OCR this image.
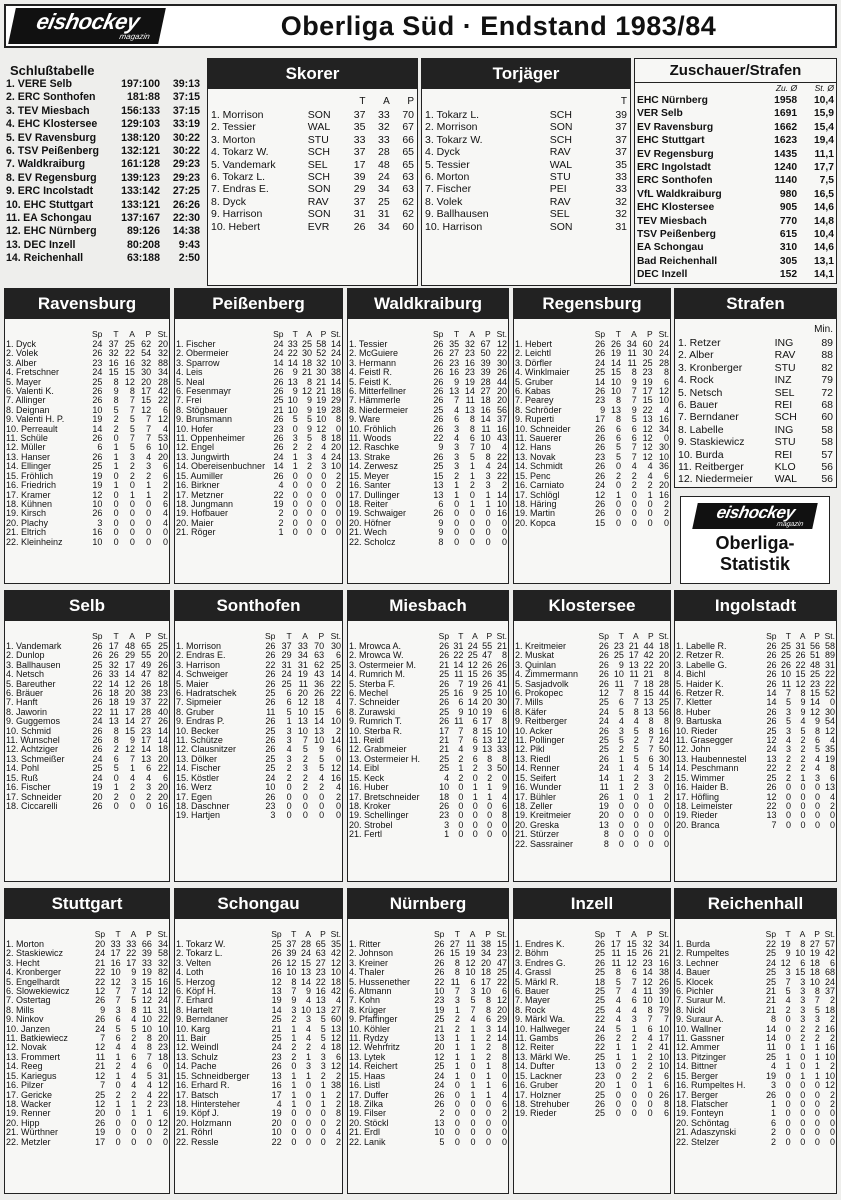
eishockey
magazin	Oberliga Süd · Endstand 1983/84
Schlußtabelle
1. VERE Selb	197:100	39:13
2. ERC Sonthofen	181:88	37:15
3. TEV Miesbach	156:133	37:15
4. EHC Klostersee	129:103	33:19
5. EV Ravensburg	138:120	30:22
6. TSV Peißenberg	132:121	30:22
7. Waldkraiburg	161:128	29:23
8. EV Regensburg	139:123	29:23
9. ERC Incolstadt	133:142	27:25
10. EHC Stuttgart	133:121	26:26
11. EA Schongau	137:167	22:30
12. EHC Nürnberg	89:126	14:38
13. DEC Inzell	80:208	9:43
14. Reichenhall	63:188	2:50
Skorer
		T	A	P
1. Morrison	SON	37	33	70
2. Tessier	WAL	35	32	67
3. Morton	STU	33	33	66
4. Tokarz W.	SCH	37	28	65
5. Vandemark	SEL	17	48	65
6. Tokarz L.	SCH	39	24	63
7. Endras E.	SON	29	34	63
8. Dyck	RAV	37	25	62
9. Harrison	SON	31	31	62
10. Hebert	EVR	26	34	60
Torjäger
		T
1. Tokarz L.	SCH	39
2. Morrison	SON	37
3. Tokarz W.	SCH	37
4. Dyck	RAV	37
5. Tessier	WAL	35
6. Morton	STU	33
7. Fischer	PEI	33
8. Volek	RAV	32
9. Ballhausen	SEL	32
10. Harrison	SON	31
Zuschauer/Strafen
	Zu. Ø	St. Ø
EHC Nürnberg	1958	10,4
VER Selb	1691	15,9
EV Ravensburg	1662	15,4
EHC Stuttgart	1623	19,4
EV Regensburg	1435	11,1
ERC Ingolstadt	1240	17,7
ERC Sonthofen	1140	7,5
VfL Waldkraiburg	980	16,5
EHC Klostersee	905	14,6
TEV Miesbach	770	14,8
TSV Peißenberg	615	10,4
EA Schongau	310	14,6
Bad Reichenhall	305	13,1
DEC Inzell	152	14,1
Ravensburg
	Sp	T	A	P	St.
1. Dyck	24	37	25	62	20
2. Volek	26	32	22	54	32
3. Alber	23	16	16	32	88
4. Fretschner	24	15	15	30	34
5. Mayer	25	8	12	20	28
6. Valenti K.	26	9	8	17	42
7. Allinger	26	8	7	15	22
8. Deignan	10	5	7	12	6
9. Valenti H. P.	19	2	5	7	12
10. Perreault	14	2	5	7	4
11. Schüle	26	0	7	7	53
12. Müller	6	1	5	6	10
13. Hanser	26	1	3	4	20
14. Ellinger	25	1	2	3	6
15. Fröhlich	19	0	2	2	6
16. Friedrich	19	1	0	1	2
17. Kramer	12	0	1	1	2
18. Kühnen	10	0	0	0	6
19. Kirsch	26	0	0	0	4
20. Plachy	3	0	0	0	4
21. Eltrich	16	0	0	0	0
22. Kleinheinz	10	0	0	0	0
Peißenberg
	Sp	T	A	P	St.
1. Fischer	24	33	25	58	14
2. Obermeier	24	22	30	52	24
3. Sparrow	14	14	18	32	10
4. Leis	26	9	21	30	38
5. Neal	26	13	8	21	14
6. Fesenmayr	26	9	12	21	18
7. Frei	25	10	9	19	29
8. Stögbauer	21	10	9	19	28
9. Brunsmann	26	5	5	10	8
10. Hofer	23	0	9	12	0
11. Oppenheimer	26	3	5	8	18
12. Engel	26	2	2	4	20
13. Jungwirth	24	1	3	4	24
14. Obereisenbuchner	14	1	2	3	10
15. Aumiller	26	0	0	0	2
16. Birkner	4	0	0	0	2
17. Metzner	22	0	0	0	0
18. Jungmann	19	0	0	0	0
19. Hofbauer	2	0	0	0	0
20. Maier	2	0	0	0	0
21. Röger	1	0	0	0	0
Waldkraiburg
	Sp	T	A	P	St.
1. Tessier	26	35	32	67	12
2. McGuiere	26	27	23	50	22
3. Hermann	26	23	16	39	30
4. Feistl R.	26	16	23	39	26
5. Feistl K.	26	9	19	28	44
6. Mitterfellner	26	13	14	27	20
7. Hämmerle	26	7	11	18	20
8. Niedermeier	25	4	13	16	56
9. Ware	26	6	8	14	37
10. Fröhlich	26	3	8	11	16
11. Woods	22	4	6	10	43
12. Raschke	9	3	7	10	4
13. Strake	26	3	5	8	22
14. Zerwesz	25	3	1	4	24
15. Meyer	15	2	1	3	22
16. Santer	13	1	2	3	2
17. Dullinger	13	1	0	1	14
18. Reiter	6	0	1	1	10
19. Schwaiger	26	0	0	0	16
20. Höfner	9	0	0	0	0
21. Wech	9	0	0	0	0
22. Scholcz	8	0	0	0	0
Regensburg
	Sp	T	A	P	St.
1. Hebert	26	26	34	60	24
2. Leichtl	26	19	11	30	24
3. Dörfler	24	14	11	25	28
4. Winklmaier	25	15	8	23	8
5. Gruber	14	10	9	19	6
6. Kabas	26	10	7	17	12
7. Pearey	23	8	7	15	10
8. Schröder	9	13	9	22	4
9. Ruperti	17	8	5	13	16
10. Schneider	26	6	6	12	34
11. Sauerer	26	6	6	12	0
12. Hans	26	5	7	12	30
13. Novak	23	5	7	12	10
14. Schmidt	26	0	4	4	36
15. Penc	26	2	2	4	6
16. Carniato	24	0	2	2	20
17. Schlögl	12	1	0	1	16
18. Häring	26	0	0	0	2
19. Martin	26	0	0	0	2
20. Kopca	15	0	0	0	0
Selb
	Sp	T	A	P	St.
1. Vandemark	26	17	48	65	25
2. Dunlop	26	26	29	55	20
3. Ballhausen	25	32	17	49	26
4. Netsch	26	33	14	47	82
5. Bareuther	22	14	12	26	18
6. Bräuer	26	18	20	38	23
7. Hanft	26	18	19	37	22
8. Jaworin	22	11	17	28	40
9. Guggemos	24	13	14	27	26
10. Schmid	26	8	15	23	14
11. Wunschel	26	8	9	17	14
12. Achtziger	26	2	12	14	18
13. Schmeißer	24	6	7	13	20
14. Pohl	25	5	1	6	22
15. Ruß	24	0	4	4	6
16. Fischer	19	1	2	3	20
17. Schneider	20	2	0	2	20
18. Ciccarelli	26	0	0	0	16
Sonthofen
	Sp	T	A	P	St.
1. Morrison	26	37	33	70	30
2. Endras E.	26	29	34	63	6
3. Harrison	22	31	31	62	25
4. Schweiger	26	24	19	43	14
5. Maier	26	25	11	36	22
6. Hadratschek	25	6	20	26	22
7. Sipmeier	26	6	12	18	4
8. Gruber	11	5	10	15	6
9. Endras P.	26	1	13	14	10
10. Becker	25	3	10	13	2
11. Schütze	26	3	7	10	14
12. Clausnitzer	26	4	5	9	6
13. Dölker	25	3	2	5	0
14. Fischer	25	2	3	5	12
15. Köstler	24	2	2	4	16
16. Werz	10	0	2	2	4
17. Egen	26	0	0	0	2
18. Daschner	23	0	0	0	0
19. Hartjen	3	0	0	0	0
Miesbach
	Sp	T	A	P	St.
1. Mrowca A.	26	31	24	55	21
2. Mrowca W.	26	22	25	47	8
3. Ostermeier M.	21	14	12	26	26
4. Rumrich M.	25	11	15	26	35
5. Sterba F.	26	7	19	26	41
6. Mechel	25	16	9	25	10
7. Schneider	26	6	14	20	30
8. Zurawski	25	9	10	19	6
9. Rumrich T.	26	11	6	17	8
10. Sterba R.	17	7	8	15	10
11. Reidl	21	7	6	13	12
12. Grabmeier	21	4	9	13	33
13. Ostermeier H.	25	2	6	8	8
14. Eibl	25	1	2	3	50
15. Keck	4	2	0	2	0
16. Huber	10	0	1	1	9
17. Bretschneider	18	0	1	1	4
18. Kroker	26	0	0	0	6
19. Schellinger	23	0	0	0	8
20. Strobel	3	0	0	0	0
21. Fertl	1	0	0	0	0
Klostersee
	Sp	T	A	P	St.
1. Kreitmeier	26	23	21	44	18
2. Muskat	26	25	17	42	20
3. Quinlan	26	9	13	22	20
4. Zimmermann	26	10	11	21	8
5. Sasjadvolk	26	11	7	18	28
6. Prokopec	12	7	8	15	44
7. Mills	25	6	7	13	25
8. Käfer	24	5	8	13	56
9. Reitberger	24	4	4	8	8
10. Acker	26	3	5	8	16
11. Pollinger	25	5	2	7	24
12. Pikl	25	2	5	7	50
13. Riedl	26	1	5	6	30
14. Renner	24	1	4	5	14
15. Seifert	14	1	2	3	2
16. Wunder	11	1	2	3	0
17. Bühler	26	1	0	1	2
18. Zeller	19	0	0	0	0
19. Kreitmeier	20	0	0	0	0
20. Greska	13	0	0	0	0
21. Stürzer	8	0	0	0	0
22. Sassrainer	8	0	0	0	0
Ingolstadt
	Sp	T	A	P	St.
1. Labelle R.	26	25	31	56	58
2. Retzer R.	26	25	26	51	89
3. Labelle G.	26	26	22	48	31
4. Bichl	26	10	15	25	22
5. Haider K.	26	11	12	23	22
6. Retzer R.	14	7	8	15	52
7. Kletter	14	5	9	14	0
8. Huber	26	3	9	12	30
9. Bartuska	26	5	4	9	54
10. Rieder	25	3	5	8	12
11. Grasegger	12	4	2	6	4
12. John	24	3	2	5	35
13. Haubennestel	13	2	2	4	19
14. Peschmann	22	2	2	4	8
15. Wimmer	25	2	1	3	6
16. Haider B.	26	0	0	0	13
17. Höfling	12	0	0	0	4
18. Leimeister	22	0	0	0	2
19. Rieder	13	0	0	0	0
20. Branca	7	0	0	0	0
Stuttgart
	Sp	T	A	P	St.
1. Morton	20	33	33	66	34
2. Staskiewicz	24	17	22	39	58
3. Hecht	21	16	17	33	32
4. Kronberger	22	10	9	19	82
5. Engelhardt	22	12	3	15	16
6. Slowekiewicz	12	7	7	14	12
7. Ostertag	26	7	5	12	24
8. Mills	9	3	8	11	31
9. Ninkov	26	6	4	10	22
10. Janzen	24	5	5	10	10
11. Batkiewiecz	7	6	2	8	20
12. Novak	12	4	4	8	23
13. Frommert	11	1	6	7	18
14. Reeg	21	2	4	6	0
15. Kariegus	12	1	4	5	31
16. Pilzer	7	0	4	4	12
17. Gericke	25	2	2	4	22
18. Wacker	12	1	1	2	23
19. Renner	20	0	1	1	6
20. Hipp	26	0	0	0	12
21. Würthner	19	0	0	0	2
22. Metzler	17	0	0	0	0
Schongau
	Sp	T	A	P	St.
1. Tokarz W.	25	37	28	65	35
2. Tokarz L.	26	39	24	63	42
3. Velten	26	12	15	27	12
4. Loth	16	10	13	23	10
5. Herzog	12	8	14	22	18
6. Köpf H.	13	7	9	16	42
7. Erhard	19	9	4	13	4
8. Hartelt	14	3	10	13	27
9. Berndaner	25	2	3	5	60
10. Karg	21	1	4	5	13
11. Bair	25	1	4	5	12
12. Weindl	24	2	2	4	18
13. Schulz	23	2	1	3	6
14. Pache	26	0	3	3	12
15. Schneidberger	13	1	1	2	2
16. Erhard R.	16	1	0	1	38
17. Batsch	17	1	0	1	2
18. Hintersteher	4	1	0	1	2
19. Köpf J.	19	0	0	0	8
20. Holzmann	20	0	0	0	2
21. Röhrl	10	0	0	0	4
22. Ressle	22	0	0	0	2
Nürnberg
	Sp	T	A	P	St.
1. Ritter	26	27	11	38	15
2. Johnson	26	15	19	34	23
3. Kreiner	26	8	12	20	47
4. Thaler	26	8	10	18	25
5. Hussenether	22	11	6	17	22
6. Altmann	10	7	3	10	6
7. Kohn	23	3	5	8	12
8. Krüger	19	1	7	8	20
9. Pfaffinger	25	2	4	6	29
10. Köhler	21	2	1	3	14
11. Rydzy	13	1	1	2	14
12. Wehrfritz	20	1	1	2	8
13. Lytek	12	1	1	2	8
14. Reichert	25	1	0	1	8
15. Haas	24	1	0	1	0
16. Listl	24	0	1	1	6
17. Duffer	26	0	1	1	4
18. Zilka	26	0	0	0	6
19. Filser	2	0	0	0	2
20. Stöckl	13	0	0	0	0
21. Erdl	10	0	0	0	0
22. Lanik	5	0	0	0	0
Inzell
	Sp	T	A	P	St.
1. Endres K.	26	17	15	32	34
2. Böhm	25	11	15	26	21
3. Endres G.	26	11	12	23	16
4. Grassl	25	8	6	14	38
5. Märkl R.	18	5	7	12	26
6. Bauer	25	7	4	11	39
7. Mayer	25	4	6	10	10
8. Rock	25	4	4	8	79
9. Märkl Wa.	22	4	3	7	7
10. Hallweger	24	5	1	6	10
11. Gambs	26	2	2	4	17
12. Reiter	22	1	1	2	41
13. Märkl We.	25	1	1	2	10
14. Dufter	13	0	2	2	10
15. Lackner	23	0	2	2	6
16. Gruber	20	1	0	1	6
17. Holzner	25	0	0	0	26
18. Strehuber	26	0	0	0	8
19. Rieder	25	0	0	0	6
Reichenhall
	Sp	T	A	P	St.
1. Burda	22	19	8	27	57
2. Rumpeltes	25	9	10	19	42
3. Lechner	24	12	6	18	6
4. Bauer	25	3	15	18	68
5. Klocek	25	7	3	10	24
6. Pichler	21	5	3	8	37
7. Suraur M.	21	4	3	7	2
8. Nickl	21	2	3	5	18
9. Suraur A.	8	0	3	3	2
10. Wallner	14	0	2	2	16
11. Gassner	14	0	2	2	2
12. Ammer	11	0	1	1	16
13. Pitzinger	25	1	0	1	10
14. Bittner	4	1	0	1	2
15. Berger	19	0	1	1	10
16. Rumpeltes H.	3	0	0	0	12
17. Berger	26	0	0	0	2
18. Flatscher	1	0	0	0	2
19. Fonteyn	1	0	0	0	0
20. Schöntag	6	0	0	0	0
21. Adaszynski	2	0	0	0	0
22. Stelzer	2	0	0	0	0
Strafen
		Min.
1. Retzer	ING	89
2. Alber	RAV	88
3. Kronberger	STU	82
4. Rock	INZ	79
5. Netsch	SEL	72
6. Bauer	REI	68
7. Berndaner	SCH	60
8. Labelle	ING	58
9. Staskiewicz	STU	58
10. Burda	REI	57
11. Reitberger	KLO	56
12. Niedermeier	WAL	56
eishockey
magazin
Oberliga-Statistik
